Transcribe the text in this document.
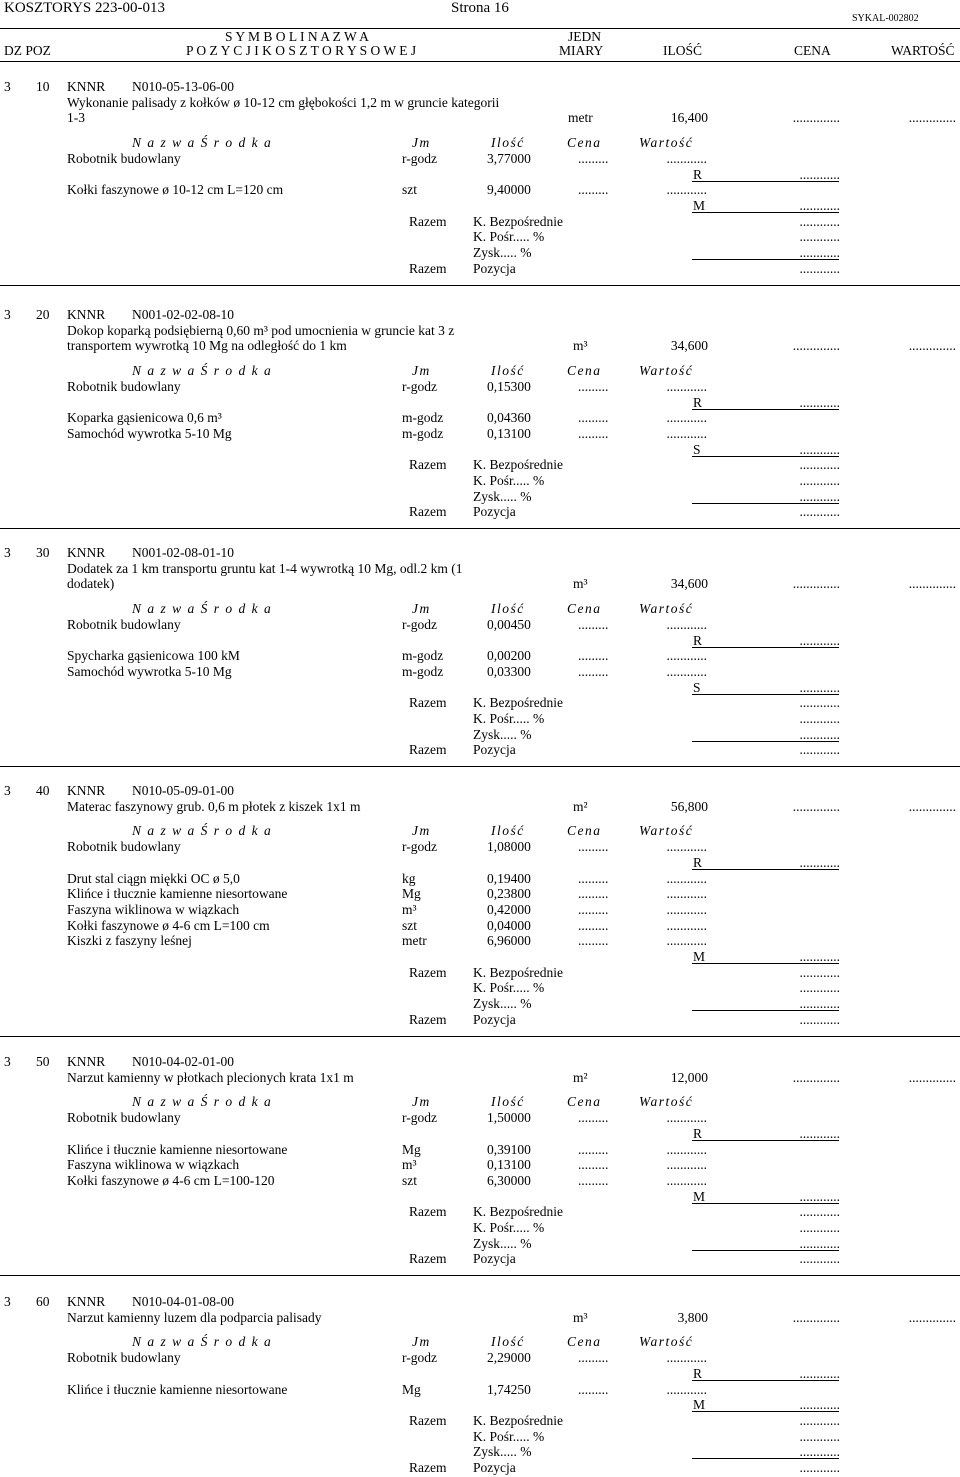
KOSZTORYS 223-00-013	Strona 16
SYKAL-002802
S Y M B O L I N A Z W A
DZ POZ	P O Z Y C J I K O S Z T O R Y S O W E J
JEDN
MIARY	ILOŚĆ	CENA	WARTOŚĆ
3 10 KNNR N010-05-13-06-00
Wykonanie palisady z kołków ø 10-12 cm głębokości 1,2 m w gruncie kategorii
1-3	metr	16,400	..............	..............
N a z w a Ś r o d k a	Jm	Ilość	Cena	Wartość
Robotnik budowlany	r-godz	3,77000	.........	............
R	............
Kołki faszynowe ø 10-12 cm L=120 cm	szt	9,40000	.........	............
M	............
Razem K. Bezpośrednie	............
K. Pośr..... %	............
Zysk..... %	............
Razem Pozycja	............
3 20 KNNR N001-02-02-08-10
Dokop koparką podsiębierną 0,60 m³ pod umocnienia w gruncie kat 3 z
transportem wywrotką 10 Mg na odległość do 1 km	m³	34,600	..............	..............
N a z w a Ś r o d k a	Jm	Ilość	Cena	Wartość
Robotnik budowlany	r-godz	0,15300	.........	............
R	............
Koparka gąsienicowa 0,6 m³	m-godz	0,04360	.........	............
Samochód wywrotka 5-10 Mg	m-godz	0,13100	.........	............
S	............
Razem K. Bezpośrednie	............
K. Pośr..... %	............
Zysk..... %	............
Razem Pozycja	............
3 30 KNNR N001-02-08-01-10
Dodatek za 1 km transportu gruntu kat 1-4 wywrotką 10 Mg, odl.2 km (1
dodatek)	m³	34,600	..............	..............
N a z w a Ś r o d k a	Jm	Ilość	Cena	Wartość
Robotnik budowlany	r-godz	0,00450	.........	............
R	............
Spycharka gąsienicowa 100 kM	m-godz	0,00200	.........	............
Samochód wywrotka 5-10 Mg	m-godz	0,03300	.........	............
S	............
Razem K. Bezpośrednie	............
K. Pośr..... %	............
Zysk..... %	............
Razem Pozycja	............
3 40 KNNR N010-05-09-01-00
Materac faszynowy grub. 0,6 m płotek z kiszek 1x1 m	m²	56,800	..............	..............
N a z w a Ś r o d k a	Jm	Ilość	Cena	Wartość
Robotnik budowlany	r-godz	1,08000	.........	............
R	............
Drut stal ciągn miękki OC ø 5,0	kg	0,19400	.........	............
Klińce i tłucznie kamienne niesortowane	Mg	0,23800	.........	............
Faszyna wiklinowa w wiązkach	m³	0,42000	.........	............
Kołki faszynowe ø 4-6 cm L=100 cm	szt	0,04000	.........	............
Kiszki z faszyny leśnej	metr	6,96000	.........	............
M	............
Razem K. Bezpośrednie	............
K. Pośr..... %	............
Zysk..... %	............
Razem Pozycja	............
3 50 KNNR N010-04-02-01-00
Narzut kamienny w płotkach plecionych krata 1x1 m	m²	12,000	..............	..............
N a z w a Ś r o d k a	Jm	Ilość	Cena	Wartość
Robotnik budowlany	r-godz	1,50000	.........	............
R	............
Klińce i tłucznie kamienne niesortowane	Mg	0,39100	.........	............
Faszyna wiklinowa w wiązkach	m³	0,13100	.........	............
Kołki faszynowe ø 4-6 cm L=100-120	szt	6,30000	.........	............
M	............
Razem K. Bezpośrednie	............
K. Pośr..... %	............
Zysk..... %	............
Razem Pozycja	............
3 60 KNNR N010-04-01-08-00
Narzut kamienny luzem dla podparcia palisady	m³	3,800	..............	..............
N a z w a Ś r o d k a	Jm	Ilość	Cena	Wartość
Robotnik budowlany	r-godz	2,29000	.........	............
R	............
Klińce i tłucznie kamienne niesortowane	Mg	1,74250	.........	............
M	............
Razem K. Bezpośrednie	............
K. Pośr..... %	............
Zysk..... %	............
Razem Pozycja	............
